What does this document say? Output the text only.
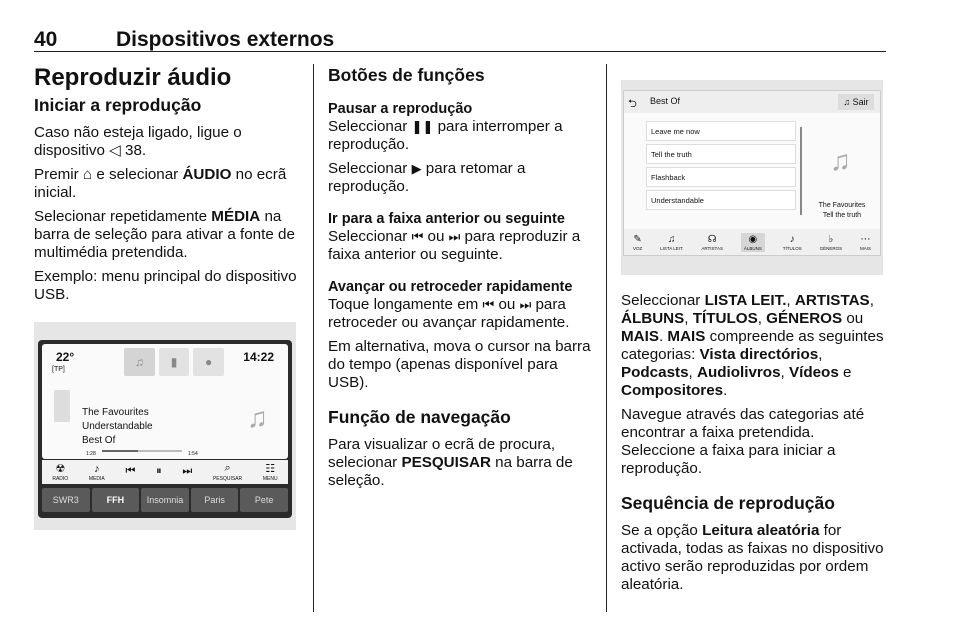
40	Dispositivos externos
Reproduzir áudio
Iniciar a reprodução

Caso não esteja ligado, ligue o dispositivo ◁ 38.

Premir ⌂ e selecionar ÁUDIO no ecrã inicial.

Selecionar repetidamente MÉDIA na barra de seleção para ativar a fonte de multimédia pretendida.

Exemplo: menu principal do dispositivo USB.

22°
[TP]
♫	▮	●	14:22
The Favourites
Understandable
Best Of
1:28	1:54
♫
☢
RADIO
♪
MEDIA
⏮ ⏸ ⏭	⌕
PESQUISAR
☷
MENU
SWR3	FFH	Insomnia	Paris	Pete
Botões de funções
Pausar a reprodução

Seleccionar ❚❚ para interromper a reprodução.

Seleccionar ▶ para retomar a reprodução.

Ir para a faixa anterior ou seguinte

Seleccionar ⏮ ou ⏭ para reproduzir a faixa anterior ou seguinte.

Avançar ou retroceder rapidamente

Toque longamente em ⏮ ou ⏭ para retroceder ou avançar rapidamente.

Em alternativa, mova o cursor na barra do tempo (apenas disponível para USB).

Função de navegação

Para visualizar o ecrã de procura, selecionar PESQUISAR na barra de seleção.

⮌ Best Of	♫ Sair
Leave me now
Tell the truth
Flashback
Understandable
♫
The Favourites
Tell the truth
✎
VOZ
♫
LISTA LEIT.
☊
ARTISTAS
◉
ÁLBUNS
♪
TÍTULOS
♭
GÉNEROS
⋯
MAIS

Seleccionar LISTA LEIT., ARTISTAS, ÁLBUNS, TÍTULOS, GÉNEROS ou MAIS. MAIS compreende as seguintes categorias: Vista directórios, Podcasts, Audiolivros, Vídeos e Compositores.

Navegue através das categorias até encontrar a faixa pretendida. Seleccione a faixa para iniciar a reprodução.

Sequência de reprodução

Se a opção Leitura aleatória for activada, todas as faixas no dispositivo activo serão reproduzidas por ordem aleatória.
